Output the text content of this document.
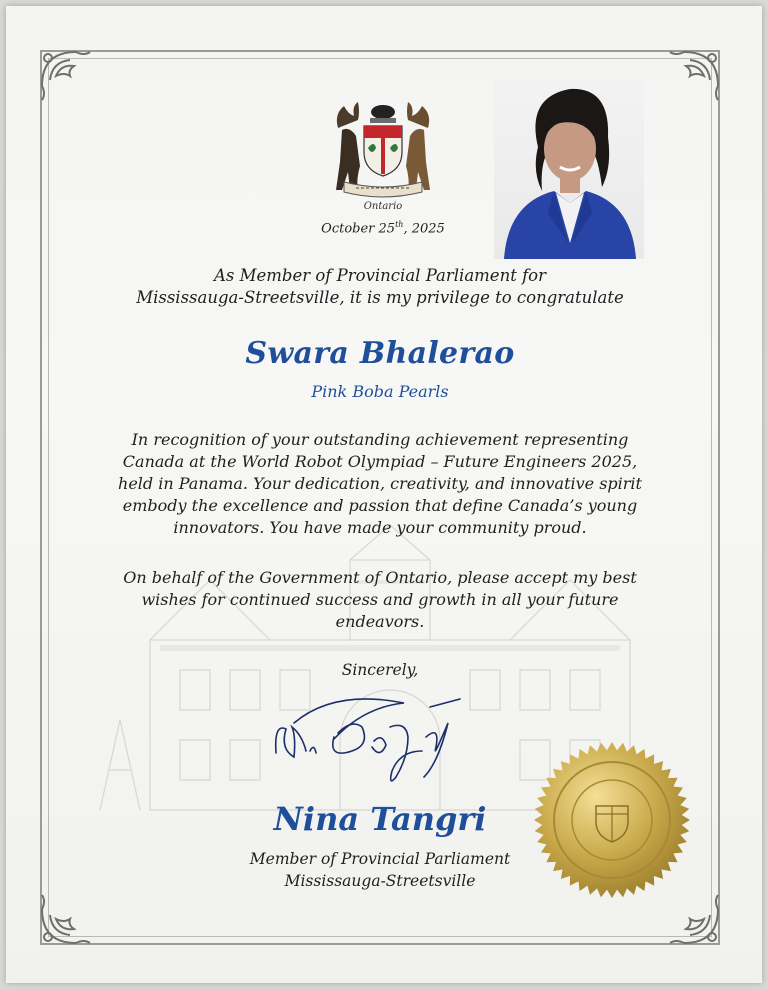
Ontario
October 25th, 2025
As Member of Provincial Parliament for
Mississauga-Streetsville, it is my privilege to congratulate
Swara Bhalerao
Pink Boba Pearls
In recognition of your outstanding achievement representing
Canada at the World Robot Olympiad – Future Engineers 2025,
held in Panama. Your dedication, creativity, and innovative spirit
embody the excellence and passion that define Canada’s young
innovators. You have made your community proud.
On behalf of the Government of Ontario, please accept my best
wishes for continued success and growth in all your future
endeavors.
Sincerely,
Nina Tangri
Member of Provincial Parliament
Mississauga-Streetsville
